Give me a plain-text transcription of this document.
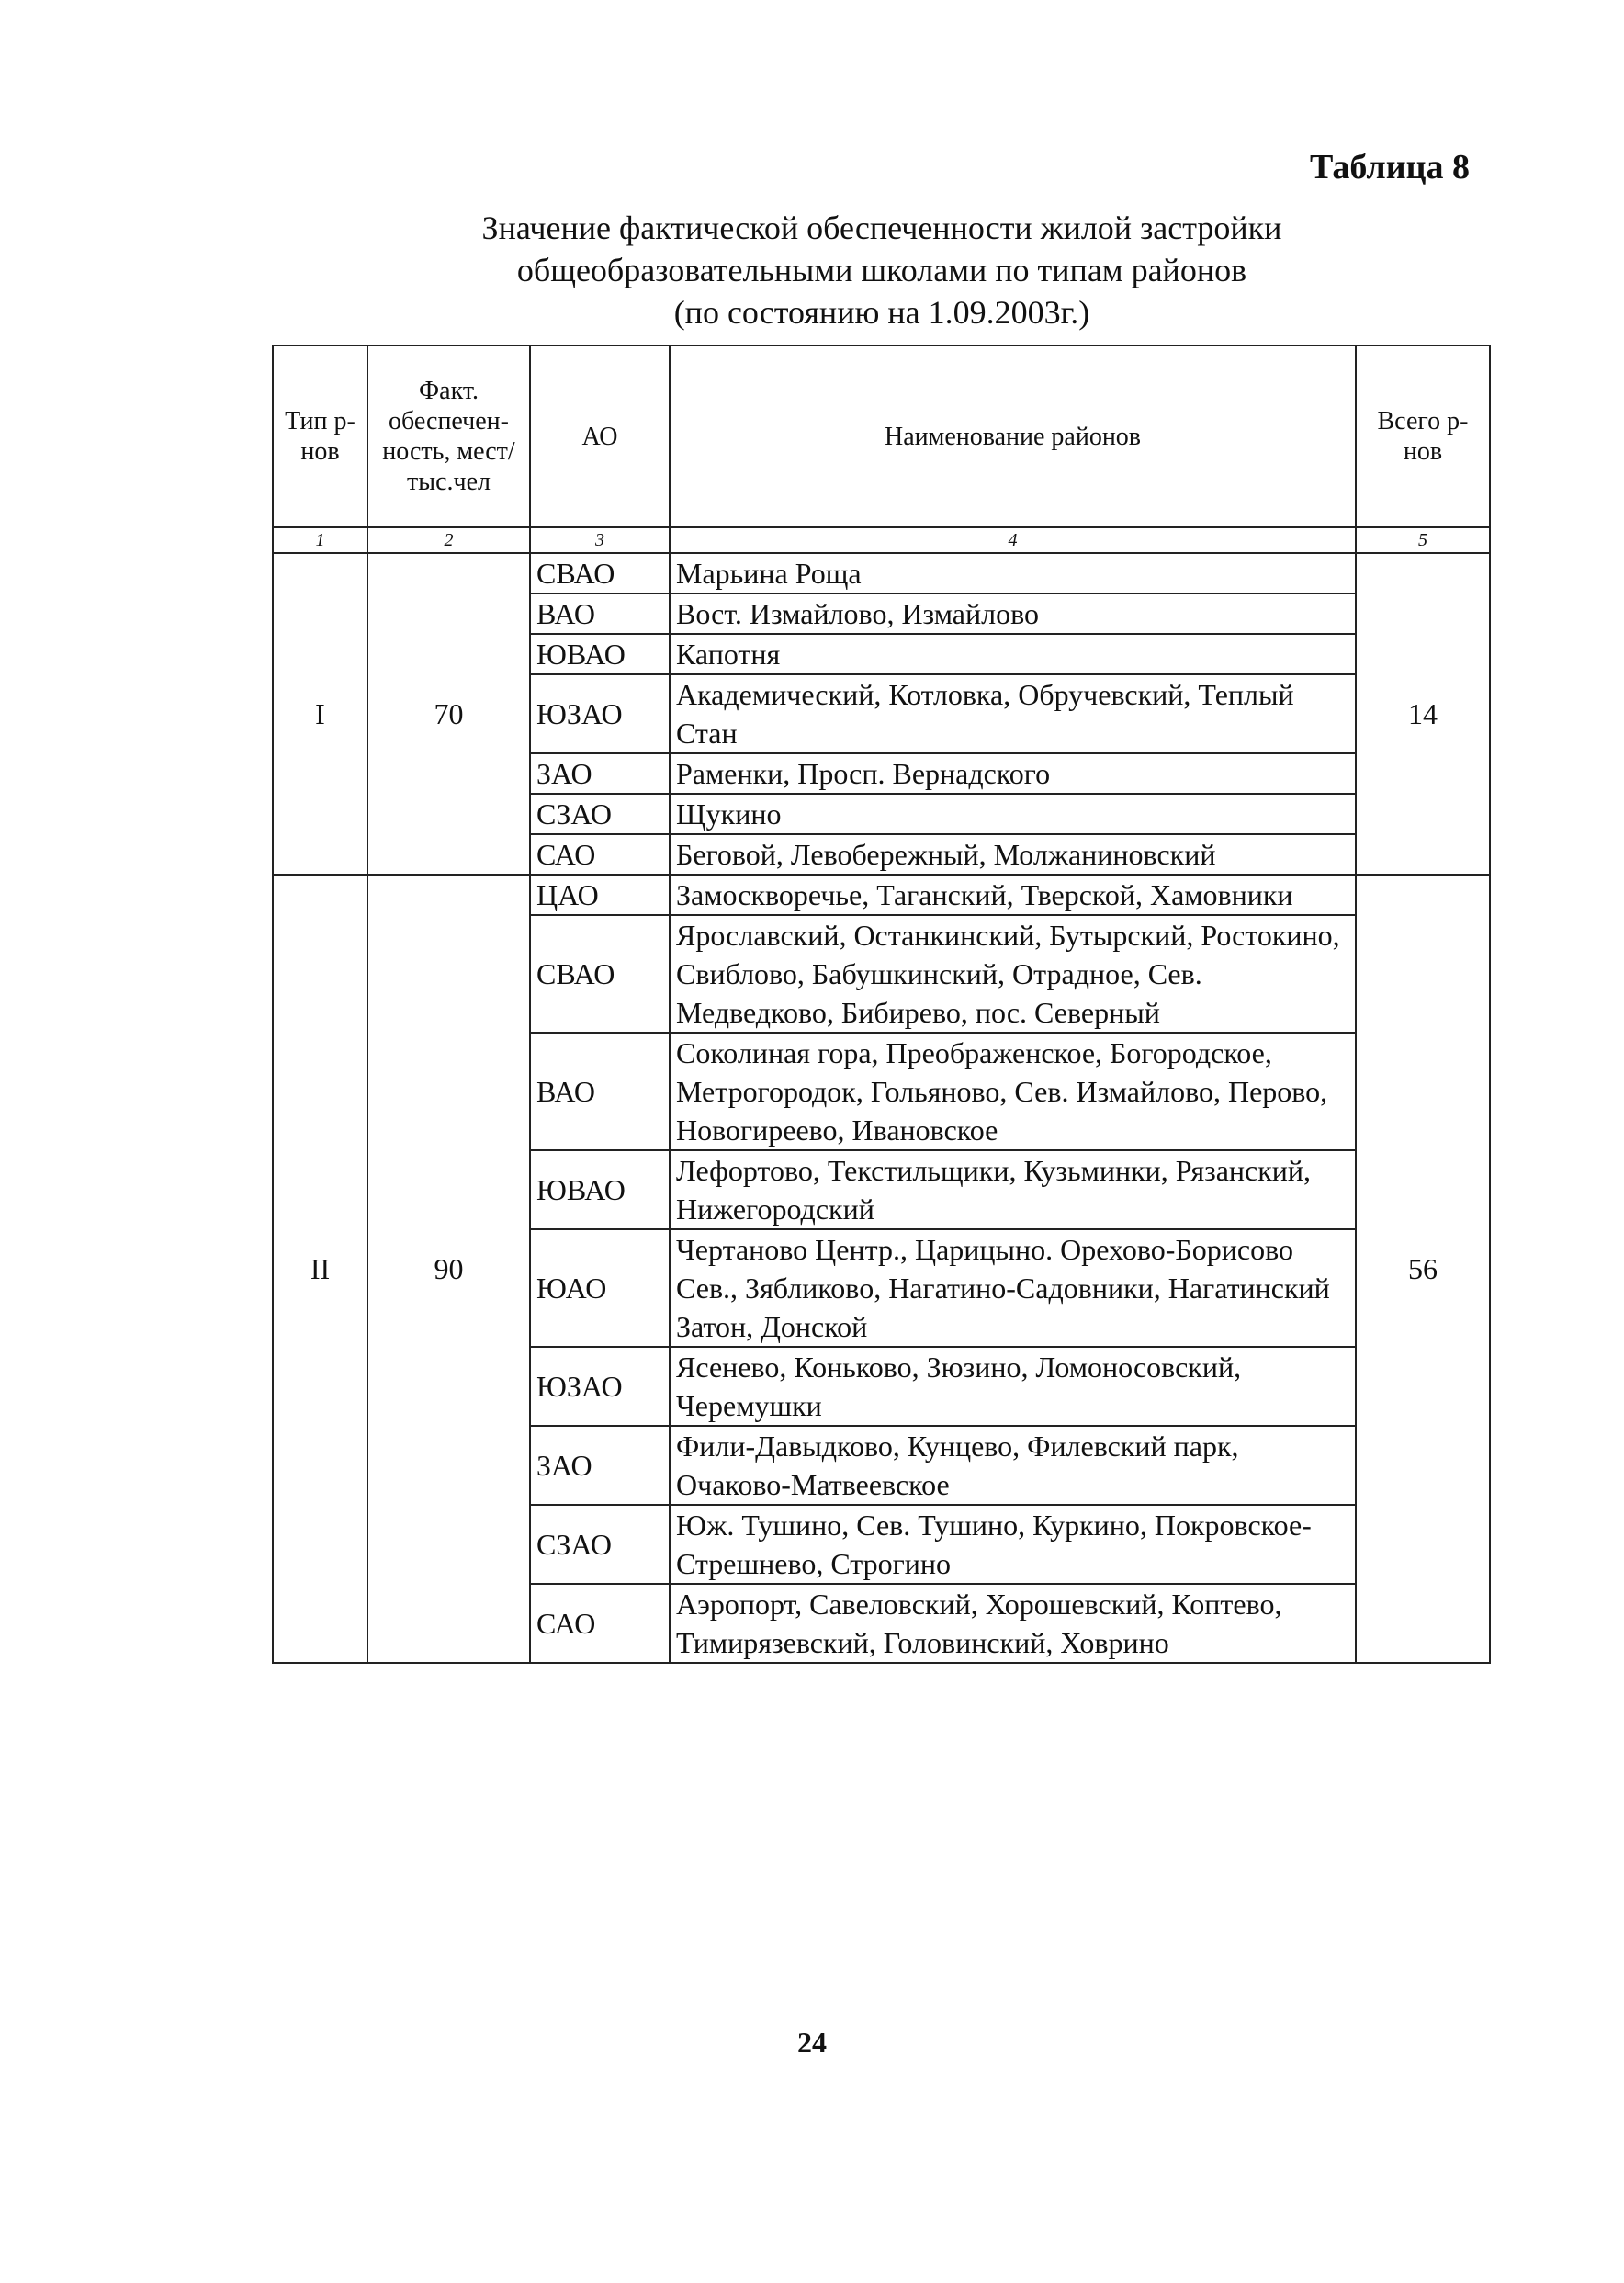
Таблица 8
Значение фактической обеспеченности жилой застройки
общеобразовательными школами по типам районов
(по состоянию на 1.09.2003г.)
Тип р-нов	Факт. обеспечен-ность, мест/ тыс.чел	АО	Наименование районов	Всего р-нов
1	2	3	4	5
I	70	СВАО	Марьина Роща	14
		ВАО	Вост. Измайлово, Измайлово	
		ЮВАО	Капотня	
		ЮЗАО	Академический, Котловка, Обручевский, Теплый Стан	
		ЗАО	Раменки, Просп. Вернадского	
		СЗАО	Щукино	
		САО	Беговой, Левобережный, Молжаниновский	
II	90	ЦАО	Замоскворечье, Таганский, Тверской, Хамовники	56
		СВАО	Ярославский, Останкинский, Бутырский, Ростокино, Свиблово, Бабушкинский, Отрадное, Сев. Медведково, Бибирево, пос. Северный	
		ВАО	Соколиная гора, Преображенское, Богородское, Метрогородок, Гольяново, Сев. Измайлово, Перово, Новогиреево, Ивановское	
		ЮВАО	Лефортово, Текстильщики, Кузьминки, Рязанский, Нижегородский	
		ЮАО	Чертаново Центр., Царицыно. Орехово-Борисово Сев., Зябликово, Нагатино-Садовники, Нагатинский Затон, Донской	
		ЮЗАО	Ясенево, Коньково, Зюзино, Ломоносовский, Черемушки	
		ЗАО	Фили-Давыдково, Кунцево, Филевский парк, Очаково-Матвеевское	
		СЗАО	Юж. Тушино, Сев. Тушино, Куркино, Покровское-Стрешнево, Строгино	
		САО	Аэропорт, Савеловский, Хорошевский, Коптево, Тимирязевский, Головинский, Ховрино	
24
